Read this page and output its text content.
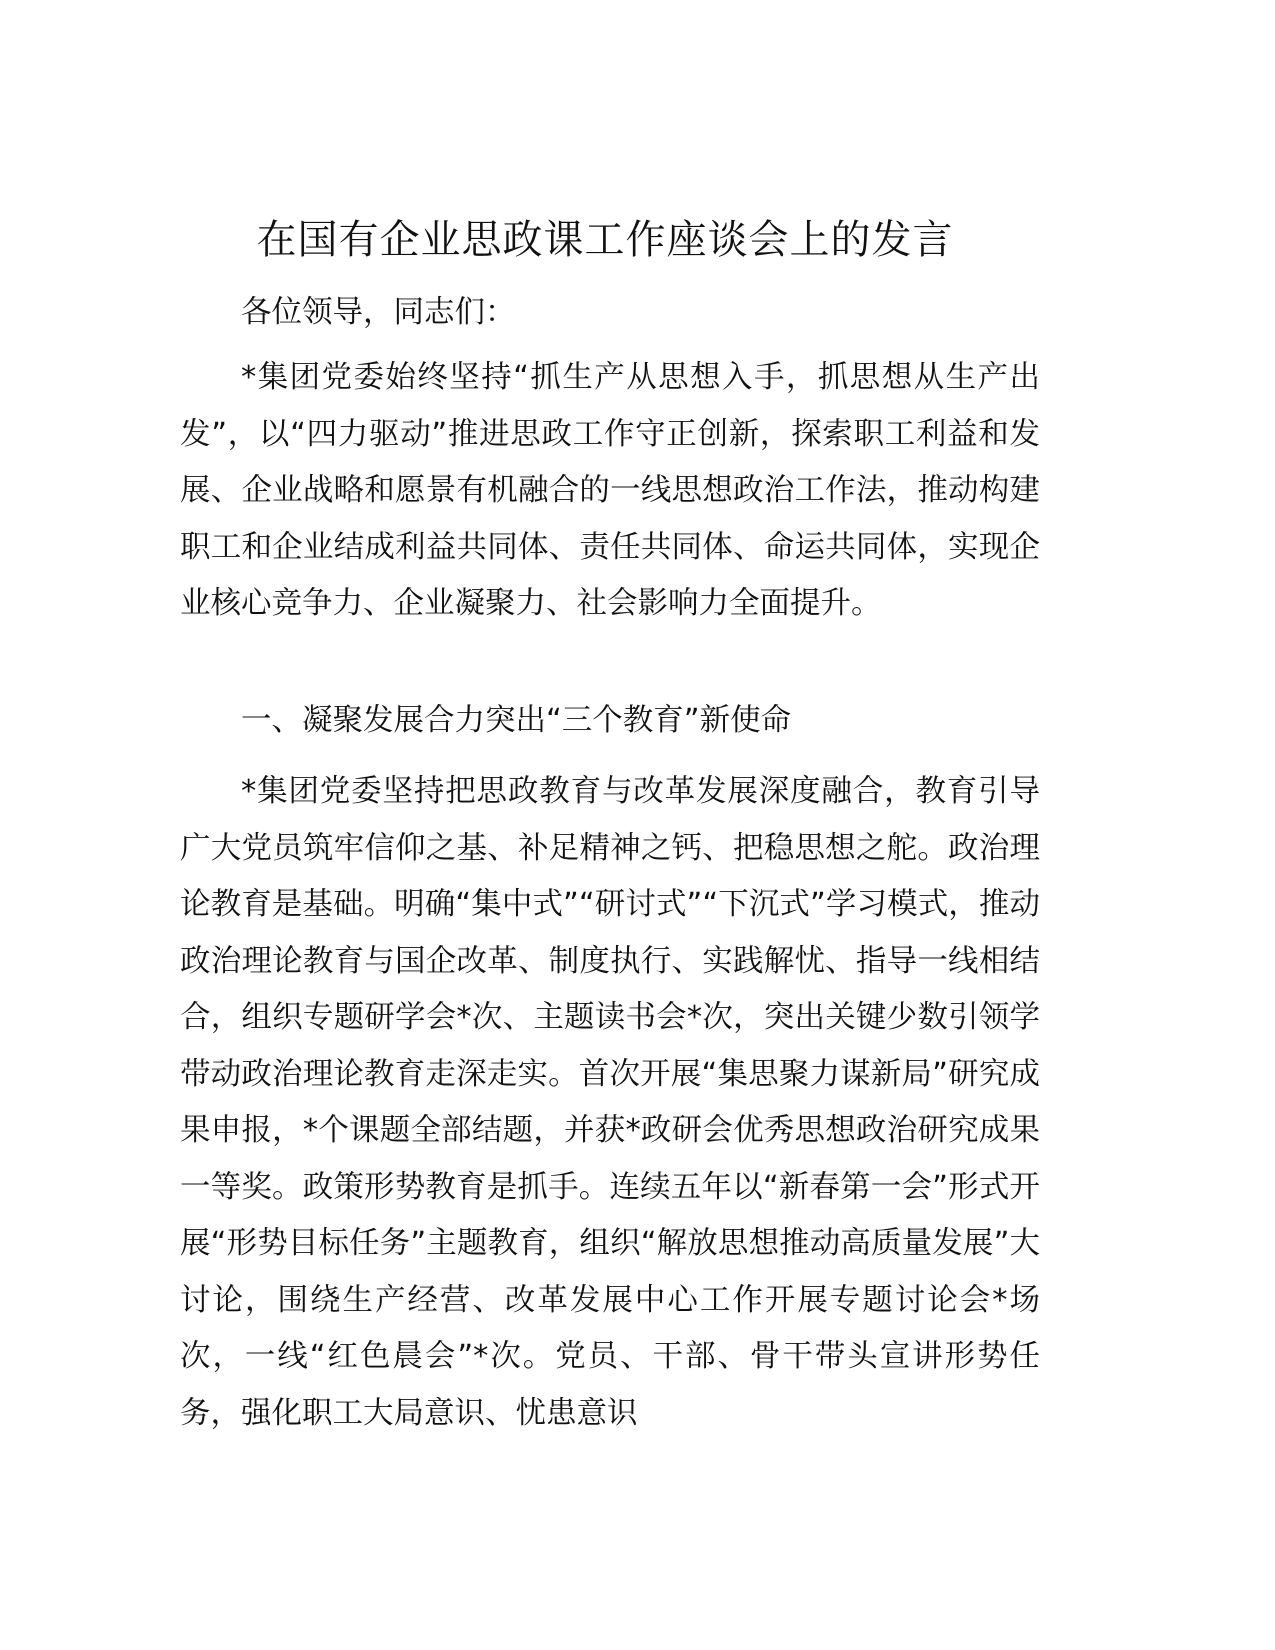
在国有企业思政课工作座谈会上的发言

各位领导，同志们：

*集团党委始终坚持“抓生产从思想入手，抓思想从生产出发”，以“四力驱动”推进思政工作守正创新，探索职工利益和发展、企业战略和愿景有机融合的一线思想政治工作法，推动构建职工和企业结成利益共同体、责任共同体、命运共同体，实现企业核心竞争力、企业凝聚力、社会影响力全面提升。

一、凝聚发展合力突出“三个教育”新使命

*集团党委坚持把思政教育与改革发展深度融合，教育引导广大党员筑牢信仰之基、补足精神之钙、把稳思想之舵。政治理论教育是基础。明确“集中式”“研讨式”“下沉式”学习模式，推动政治理论教育与国企改革、制度执行、实践解忧、指导一线相结合，组织专题研学会*次、主题读书会*次，突出关键少数引领学带动政治理论教育走深走实。首次开展“集思聚力谋新局”研究成果申报，*个课题全部结题，并获*政研会优秀思想政治研究成果一等奖。政策形势教育是抓手。连续五年以“新春第一会”形式开展“形势目标任务”主题教育，组织“解放思想推动高质量发展”大讨论，围绕生产经营、改革发展中心工作开展专题讨论会*场次，一线“红色晨会”*次。党员、干部、骨干带头宣讲形势任务，强化职工大局意识、忧患意识
